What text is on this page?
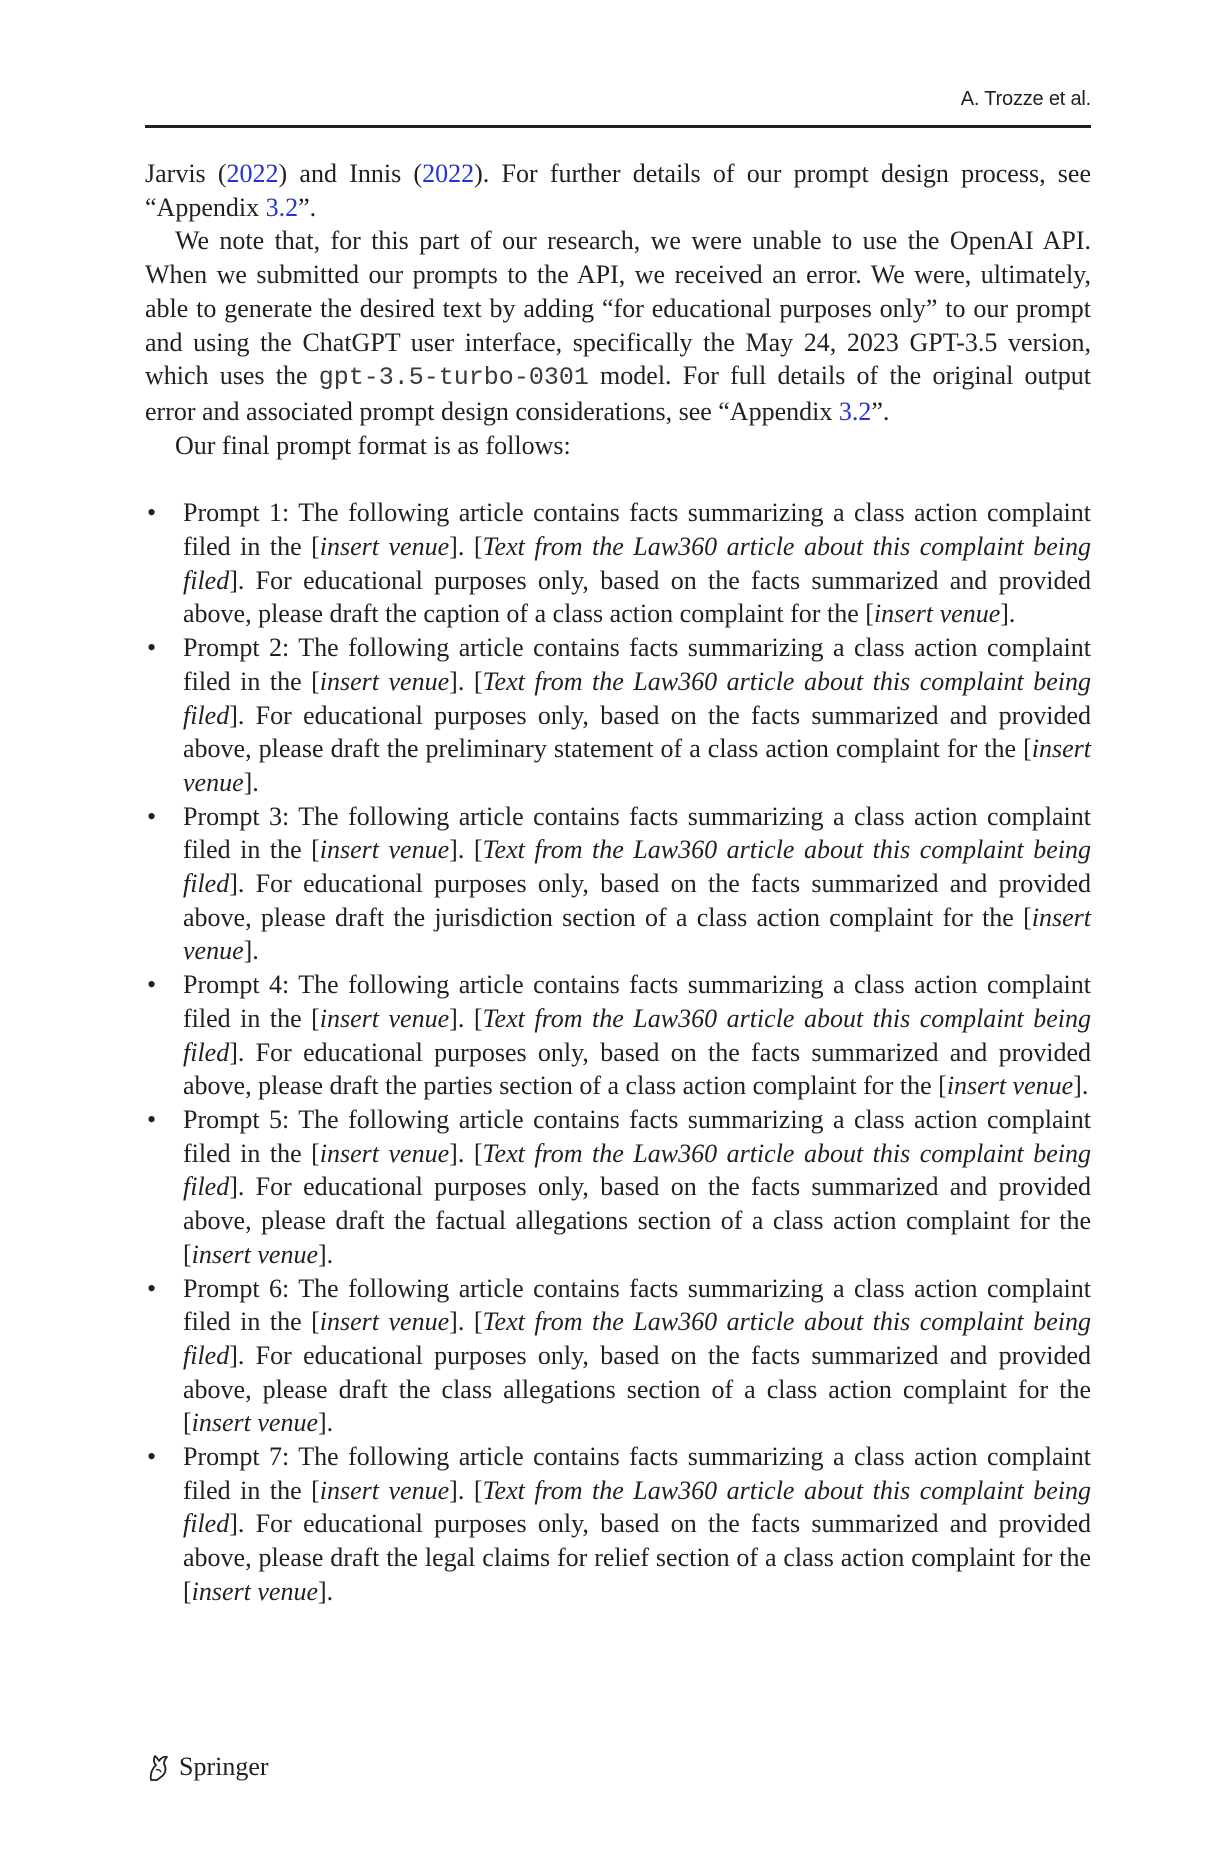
A. Trozze et al.

Jarvis (2022) and Innis (2022). For further details of our prompt design process, see “Appendix 3.2”.

We note that, for this part of our research, we were unable to use the OpenAI API. When we submitted our prompts to the API, we received an error. We were, ultimately, able to generate the desired text by adding “for educational purposes only” to our prompt and using the ChatGPT user interface, specifically the May 24, 2023 GPT-3.5 version, which uses the gpt-3.5-turbo-0301 model. For full details of the original output error and associated prompt design considerations, see “Appendix 3.2”.

Our final prompt format is as follows:

• Prompt 1: The following article contains facts summarizing a class action complaint filed in the [insert venue]. [Text from the Law360 article about this complaint being filed]. For educational purposes only, based on the facts summarized and provided above, please draft the caption of a class action complaint for the [insert venue].
• Prompt 2: The following article contains facts summarizing a class action complaint filed in the [insert venue]. [Text from the Law360 article about this complaint being filed]. For educational purposes only, based on the facts summarized and provided above, please draft the preliminary statement of a class action complaint for the [insert venue].
• Prompt 3: The following article contains facts summarizing a class action complaint filed in the [insert venue]. [Text from the Law360 article about this complaint being filed]. For educational purposes only, based on the facts summarized and provided above, please draft the jurisdiction section of a class action complaint for the [insert venue].
• Prompt 4: The following article contains facts summarizing a class action complaint filed in the [insert venue]. [Text from the Law360 article about this complaint being filed]. For educational purposes only, based on the facts summarized and provided above, please draft the parties section of a class action complaint for the [insert venue].
• Prompt 5: The following article contains facts summarizing a class action complaint filed in the [insert venue]. [Text from the Law360 article about this complaint being filed]. For educational purposes only, based on the facts summarized and provided above, please draft the factual allegations section of a class action complaint for the [insert venue].
• Prompt 6: The following article contains facts summarizing a class action complaint filed in the [insert venue]. [Text from the Law360 article about this complaint being filed]. For educational purposes only, based on the facts summarized and provided above, please draft the class allegations section of a class action complaint for the [insert venue].
• Prompt 7: The following article contains facts summarizing a class action complaint filed in the [insert venue]. [Text from the Law360 article about this complaint being filed]. For educational purposes only, based on the facts summarized and provided above, please draft the legal claims for relief section of a class action complaint for the [insert venue].
Springer
